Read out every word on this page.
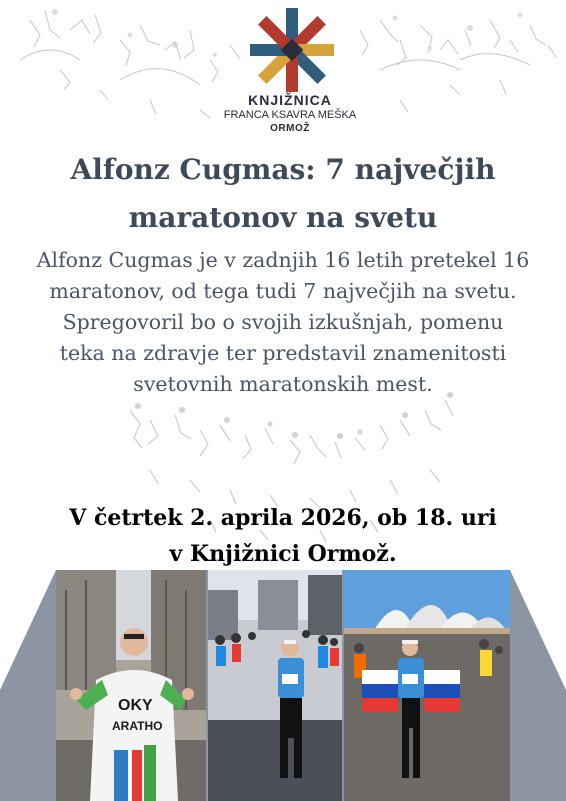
KNJIŽNICA
FRANCA KSAVRA MEŠKA
ORMOŽ
Alfonz Cugmas: 7 največjih
maratonov na svetu
Alfonz Cugmas je v zadnjih 16 letih pretekel 16
maratonov, od tega tudi 7 največjih na svetu.
Spregovoril bo o svojih izkušnjah, pomenu
teka na zdravje ter predstavil znamenitosti
svetovnih maratonskih mest.
V četrtek 2. aprila 2026, ob 18. uri
v Knjižnici Ormož.
OKY
ARATHO
